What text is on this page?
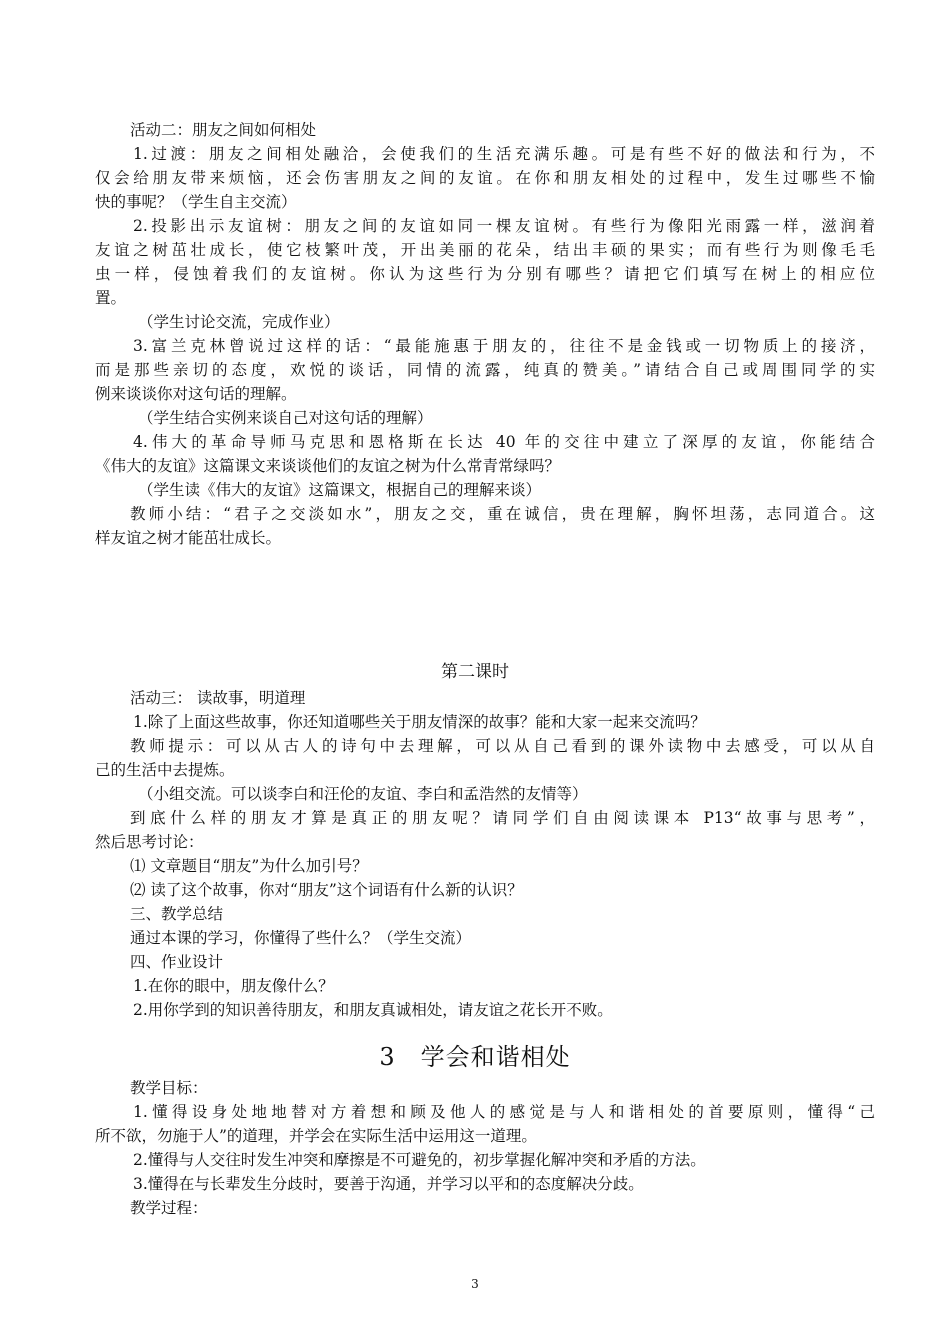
活动二：朋友之间如何相处
1.过渡：朋友之间相处融洽，会使我们的生活充满乐趣。可是有些不好的做法和行为，不
仅会给朋友带来烦恼，还会伤害朋友之间的友谊。在你和朋友相处的过程中，发生过哪些不愉
快的事呢？（学生自主交流）
2.投影出示友谊树：朋友之间的友谊如同一棵友谊树。有些行为像阳光雨露一样，滋润着
友谊之树茁壮成长，使它枝繁叶茂，开出美丽的花朵，结出丰硕的果实；而有些行为则像毛毛
虫一样，侵蚀着我们的友谊树。你认为这些行为分别有哪些？请把它们填写在树上的相应位
置。
（学生讨论交流，完成作业）
3.富兰克林曾说过这样的话：“最能施惠于朋友的，往往不是金钱或一切物质上的接济，
而是那些亲切的态度，欢悦的谈话，同情的流露，纯真的赞美。”请结合自己或周围同学的实
例来谈谈你对这句话的理解。
（学生结合实例来谈自己对这句话的理解）
4.伟大的革命导师马克思和恩格斯在长达 40 年的交往中建立了深厚的友谊，你能结合
《伟大的友谊》这篇课文来谈谈他们的友谊之树为什么常青常绿吗？
（学生读《伟大的友谊》这篇课文，根据自己的理解来谈）
教师小结：“君子之交淡如水”，朋友之交，重在诚信，贵在理解，胸怀坦荡，志同道合。这
样友谊之树才能茁壮成长。
第二课时
活动三： 读故事，明道理
1.除了上面这些故事，你还知道哪些关于朋友情深的故事？能和大家一起来交流吗？
教师提示：可以从古人的诗句中去理解，可以从自己看到的课外读物中去感受，可以从自
己的生活中去提炼。
（小组交流。可以谈李白和汪伦的友谊、李白和孟浩然的友情等）
到底什么样的朋友才算是真正的朋友呢？请同学们自由阅读课本 P13“故事与思考”，
然后思考讨论：
⑴ 文章题目“朋友”为什么加引号？
⑵ 读了这个故事，你对“朋友”这个词语有什么新的认识？
三、教学总结
通过本课的学习，你懂得了些什么？（学生交流）
四、作业设计
1.在你的眼中，朋友像什么？
2.用你学到的知识善待朋友，和朋友真诚相处，请友谊之花长开不败。
3　学会和谐相处
教学目标：
1.懂得设身处地地替对方着想和顾及他人的感觉是与人和谐相处的首要原则，懂得“己
所不欲，勿施于人”的道理，并学会在实际生活中运用这一道理。
2.懂得与人交往时发生冲突和摩擦是不可避免的，初步掌握化解冲突和矛盾的方法。
3.懂得在与长辈发生分歧时，要善于沟通，并学习以平和的态度解决分歧。
教学过程：
3
